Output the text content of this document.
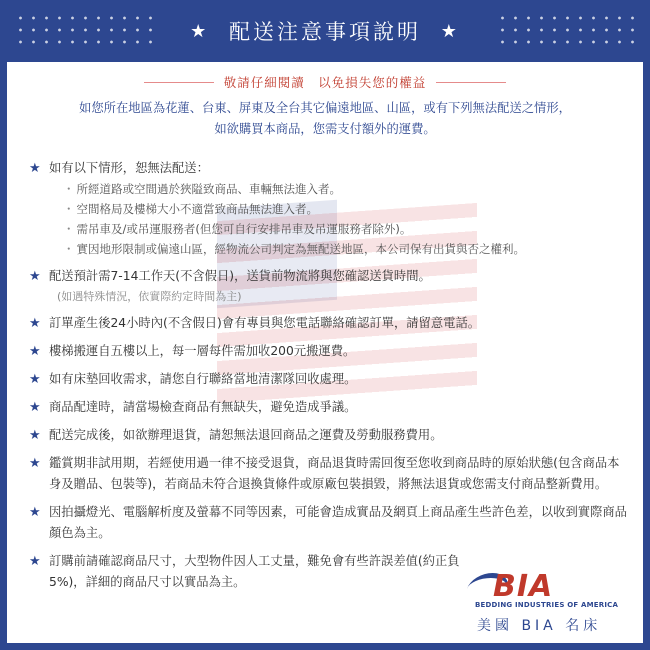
★ 配送注意事項說明 ★
敬請仔細閱讀　以免損失您的權益
如您所在地區為花蓮、台東、屏東及全台其它偏遠地區、山區，或有下列無法配送之情形，
如欲購買本商品，您需支付額外的運費。
★ 如有以下情形，恕無法配送：
・ 所經道路或空間過於狹隘致商品、車輛無法進入者。
・ 空間格局及樓梯大小不適當致商品無法進入者。
・ 需吊車及/或吊運服務者(但您可自行安排吊車及吊運服務者除外)。
・ 實因地形限制或偏遠山區，經物流公司判定為無配送地區，本公司保有出貨與否之權利。
★ 配送預計需7-14工作天(不含假日)，送貨前物流將與您確認送貨時間。
(如遇特殊情況，依實際約定時間為主)
★ 訂單產生後24小時內(不含假日)會有專員與您電話聯絡確認訂單，請留意電話。
★ 樓梯搬運自五樓以上，每一層每件需加收200元搬運費。
★ 如有床墊回收需求，請您自行聯絡當地清潔隊回收處理。
★ 商品配達時，請當場檢查商品有無缺失，避免造成爭議。
★ 配送完成後，如欲辦理退貨，請恕無法退回商品之運費及勞動服務費用。
★ 鑑賞期非試用期，若經使用過一律不接受退貨，商品退貨時需回復至您收到商品時的原始狀態(包含商品本身及贈品、包裝等)，若商品未符合退換貨條件或原廠包裝損毀，將無法退貨或您需支付商品整新費用。
★ 因拍攝燈光、電腦解析度及螢幕不同等因素，可能會造成實品及網頁上商品產生些許色差，以收到實際商品顏色為主。
★ 訂購前請確認商品尺寸，大型物件因人工丈量，難免會有些許誤差值(約正負5%)，詳細的商品尺寸以實品為主。	BIA
BEDDING INDUSTRIES OF AMERICA
美國 BIA 名床
